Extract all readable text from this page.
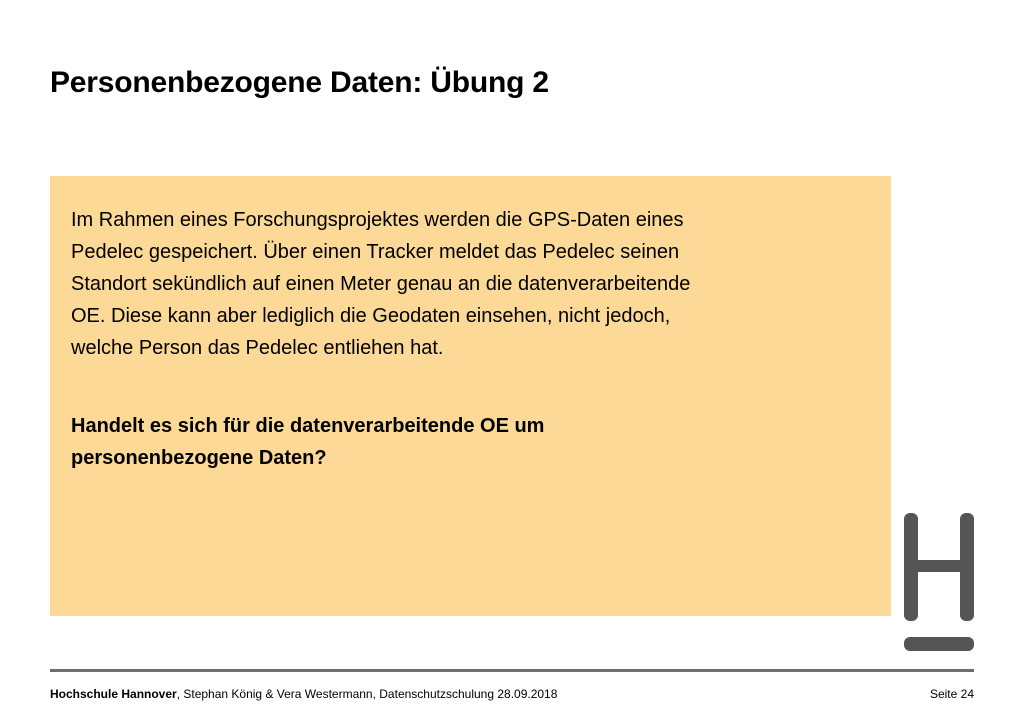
Personenbezogene Daten: Übung 2

Im Rahmen eines Forschungsprojektes werden die GPS-Daten eines
Pedelec gespeichert. Über einen Tracker meldet das Pedelec seinen
Standort sekündlich auf einen Meter genau an die datenverarbeitende
OE. Diese kann aber lediglich die Geodaten einsehen, nicht jedoch,
welche Person das Pedelec entliehen hat.

Handelt es sich für die datenverarbeitende OE um
personenbezogene Daten?

Hochschule Hannover, Stephan König & Vera Westermann, Datenschutzschulung 28.09.2018	Seite 24
